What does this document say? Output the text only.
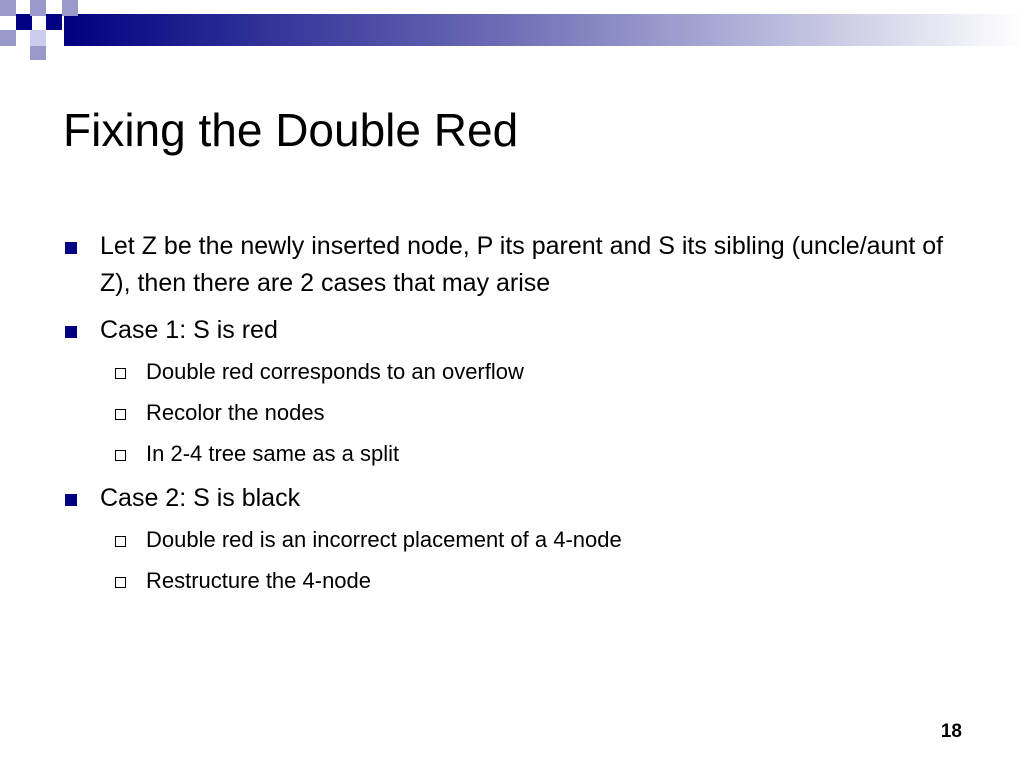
Fixing the Double Red
Let Z be the newly inserted node, P its parent and S its sibling (uncle/aunt of Z), then there are 2 cases that may arise
Case 1: S is red
Double red corresponds to an overflow
Recolor the nodes
In 2-4 tree same as a split
Case 2: S is black
Double red is an incorrect placement of a 4-node
Restructure the 4-node
18
